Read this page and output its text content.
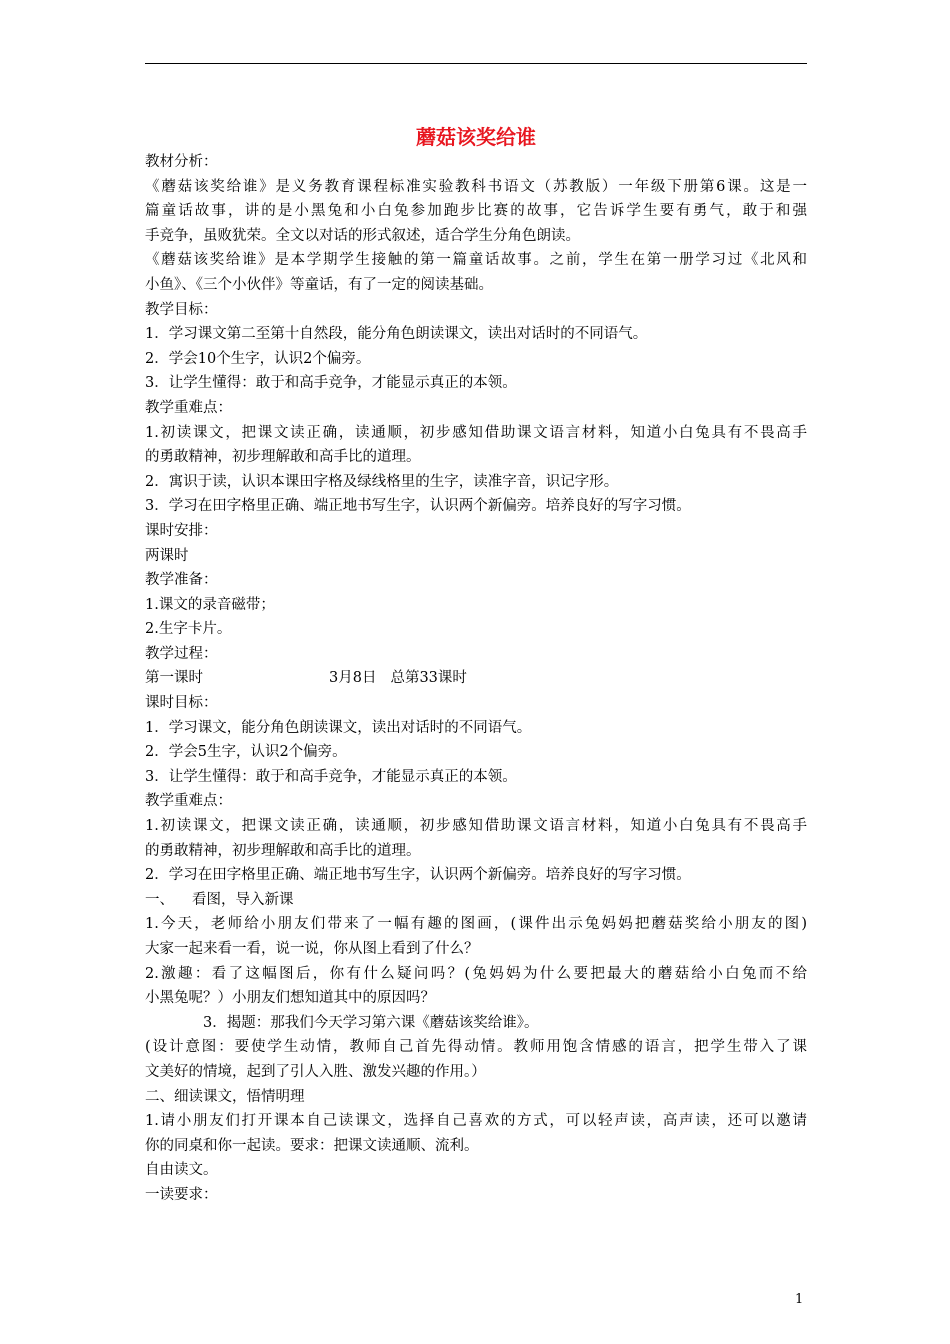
蘑菇该奖给谁

教材分析：

《蘑菇该奖给谁》是义务教育课程标准实验教科书语文（苏教版）一年级下册第6课。这是一

篇童话故事，讲的是小黑兔和小白兔参加跑步比赛的故事，它告诉学生要有勇气，敢于和强

手竞争，虽败犹荣。全文以对话的形式叙述，适合学生分角色朗读。

《蘑菇该奖给谁》是本学期学生接触的第一篇童话故事。之前，学生在第一册学习过《北风和

小鱼》、《三个小伙伴》等童话，有了一定的阅读基础。

教学目标：

1．学习课文第二至第十自然段，能分角色朗读课文，读出对话时的不同语气。

2．学会10个生字，认识2个偏旁。

3．让学生懂得：敢于和高手竞争，才能显示真正的本领。

教学重难点：

1.初读课文，把课文读正确，读通顺，初步感知借助课文语言材料，知道小白兔具有不畏高手

的勇敢精神，初步理解敢和高手比的道理。

2．寓识于读，认识本课田字格及绿线格里的生字，读准字音，识记字形。

3．学习在田字格里正确、端正地书写生字，认识两个新偏旁。培养良好的写字习惯。

课时安排：

两课时

教学准备：

1.课文的录音磁带；

2.生字卡片。

教学过程：

第一课时	3月8日 总第33课时

课时目标：

1．学习课文，能分角色朗读课文，读出对话时的不同语气。

2．学会5生字，认识2个偏旁。

3．让学生懂得：敢于和高手竞争，才能显示真正的本领。

教学重难点：

1.初读课文，把课文读正确，读通顺，初步感知借助课文语言材料，知道小白兔具有不畏高手

的勇敢精神，初步理解敢和高手比的道理。

2．学习在田字格里正确、端正地书写生字，认识两个新偏旁。培养良好的写字习惯。

一、 看图，导入新课

1.今天，老师给小朋友们带来了一幅有趣的图画，(课件出示兔妈妈把蘑菇奖给小朋友的图)

大家一起来看一看，说一说，你从图上看到了什么？

2.激趣：看了这幅图后，你有什么疑问吗？(兔妈妈为什么要把最大的蘑菇给小白兔而不给

小黑兔呢？）小朋友们想知道其中的原因吗？

3．揭题：那我们今天学习第六课《蘑菇该奖给谁》。

(设计意图：要使学生动情，教师自己首先得动情。教师用饱含情感的语言，把学生带入了课

文美好的情境，起到了引人入胜、激发兴趣的作用。）

二、细读课文，悟情明理

1.请小朋友们打开课本自己读课文，选择自己喜欢的方式，可以轻声读，高声读，还可以邀请

你的同桌和你一起读。要求：把课文读通顺、流利。

自由读文。

一读要求：

1
